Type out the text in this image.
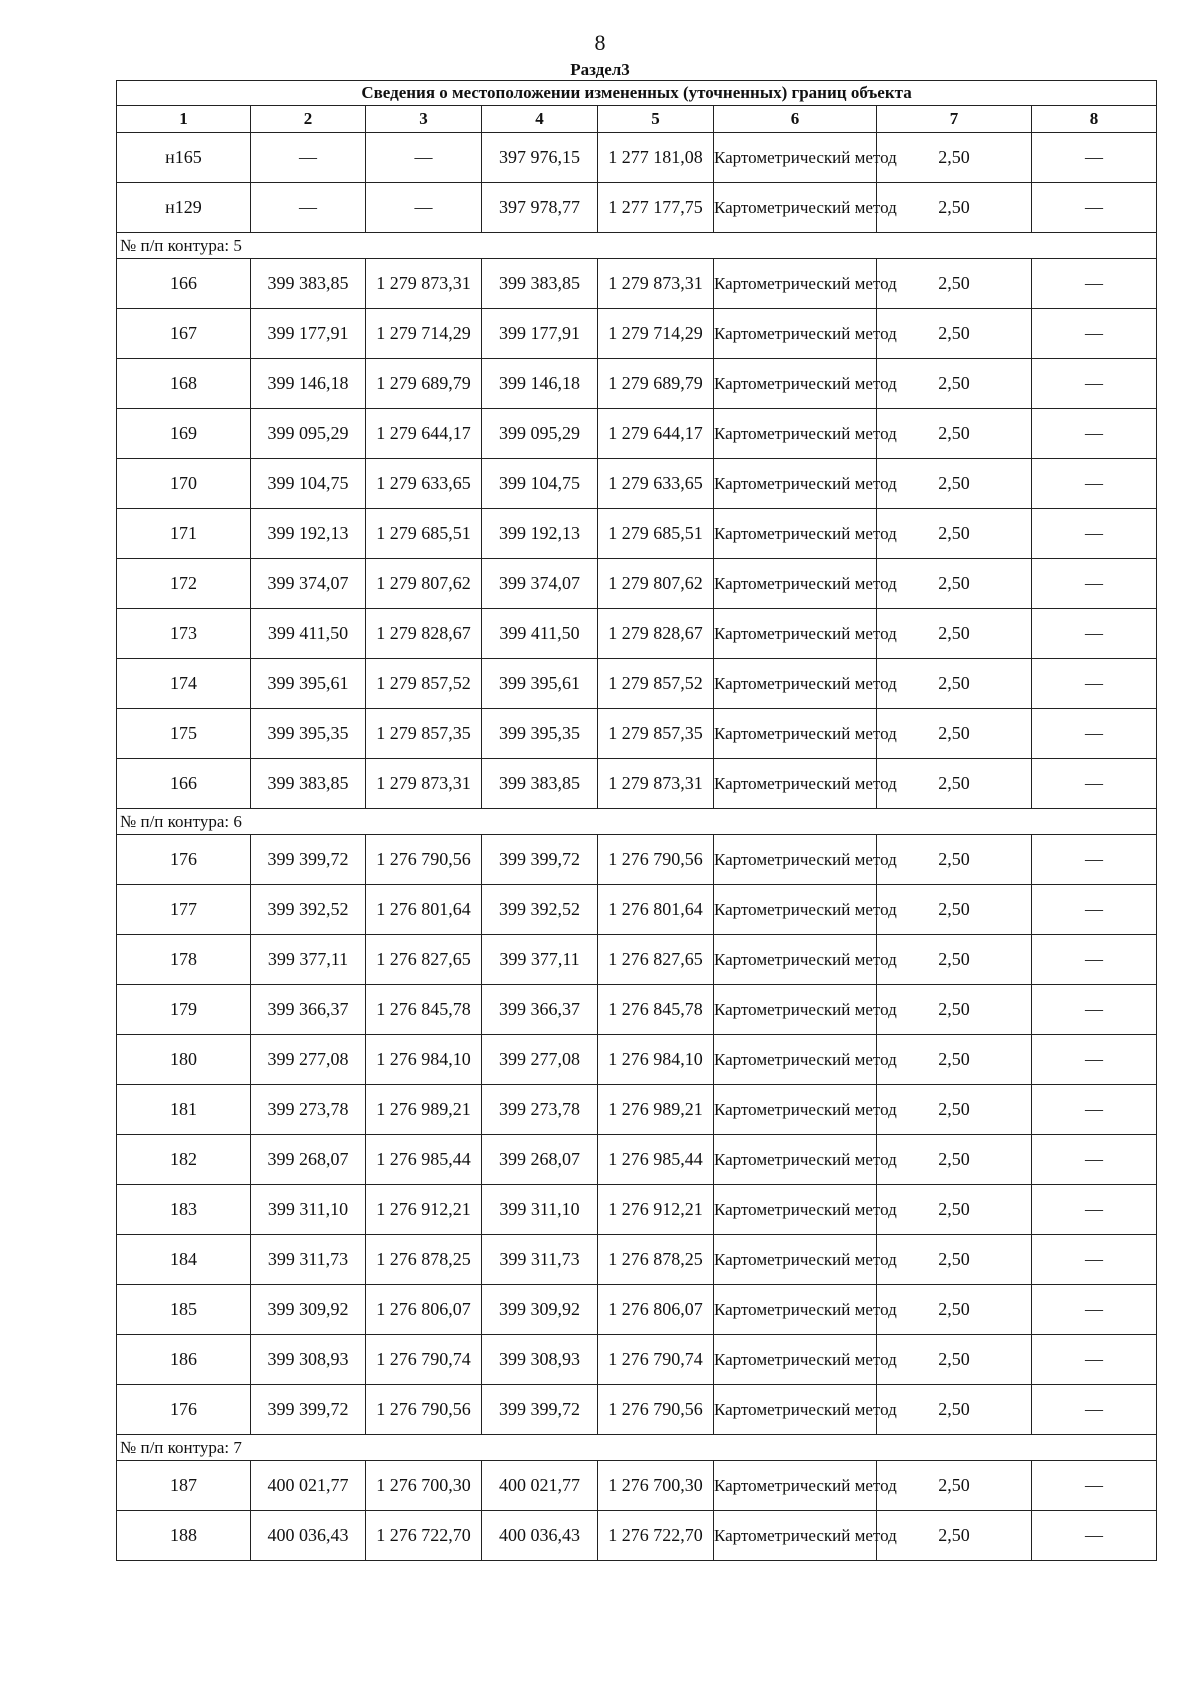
8
Раздел3
Сведения о местоположении измененных (уточненных) границ объекта							
1	2	3	4	5	6	7	8
н165	—	—	397 976,15	1 277 181,08	Картометрический метод	2,50	—
н129	—	—	397 978,77	1 277 177,75	Картометрический метод	2,50	—
№ п/п контура: 5							
166	399 383,85	1 279 873,31	399 383,85	1 279 873,31	Картометрический метод	2,50	—
167	399 177,91	1 279 714,29	399 177,91	1 279 714,29	Картометрический метод	2,50	—
168	399 146,18	1 279 689,79	399 146,18	1 279 689,79	Картометрический метод	2,50	—
169	399 095,29	1 279 644,17	399 095,29	1 279 644,17	Картометрический метод	2,50	—
170	399 104,75	1 279 633,65	399 104,75	1 279 633,65	Картометрический метод	2,50	—
171	399 192,13	1 279 685,51	399 192,13	1 279 685,51	Картометрический метод	2,50	—
172	399 374,07	1 279 807,62	399 374,07	1 279 807,62	Картометрический метод	2,50	—
173	399 411,50	1 279 828,67	399 411,50	1 279 828,67	Картометрический метод	2,50	—
174	399 395,61	1 279 857,52	399 395,61	1 279 857,52	Картометрический метод	2,50	—
175	399 395,35	1 279 857,35	399 395,35	1 279 857,35	Картометрический метод	2,50	—
166	399 383,85	1 279 873,31	399 383,85	1 279 873,31	Картометрический метод	2,50	—
№ п/п контура: 6							
176	399 399,72	1 276 790,56	399 399,72	1 276 790,56	Картометрический метод	2,50	—
177	399 392,52	1 276 801,64	399 392,52	1 276 801,64	Картометрический метод	2,50	—
178	399 377,11	1 276 827,65	399 377,11	1 276 827,65	Картометрический метод	2,50	—
179	399 366,37	1 276 845,78	399 366,37	1 276 845,78	Картометрический метод	2,50	—
180	399 277,08	1 276 984,10	399 277,08	1 276 984,10	Картометрический метод	2,50	—
181	399 273,78	1 276 989,21	399 273,78	1 276 989,21	Картометрический метод	2,50	—
182	399 268,07	1 276 985,44	399 268,07	1 276 985,44	Картометрический метод	2,50	—
183	399 311,10	1 276 912,21	399 311,10	1 276 912,21	Картометрический метод	2,50	—
184	399 311,73	1 276 878,25	399 311,73	1 276 878,25	Картометрический метод	2,50	—
185	399 309,92	1 276 806,07	399 309,92	1 276 806,07	Картометрический метод	2,50	—
186	399 308,93	1 276 790,74	399 308,93	1 276 790,74	Картометрический метод	2,50	—
176	399 399,72	1 276 790,56	399 399,72	1 276 790,56	Картометрический метод	2,50	—
№ п/п контура: 7							
187	400 021,77	1 276 700,30	400 021,77	1 276 700,30	Картометрический метод	2,50	—
188	400 036,43	1 276 722,70	400 036,43	1 276 722,70	Картометрический метод	2,50	—
